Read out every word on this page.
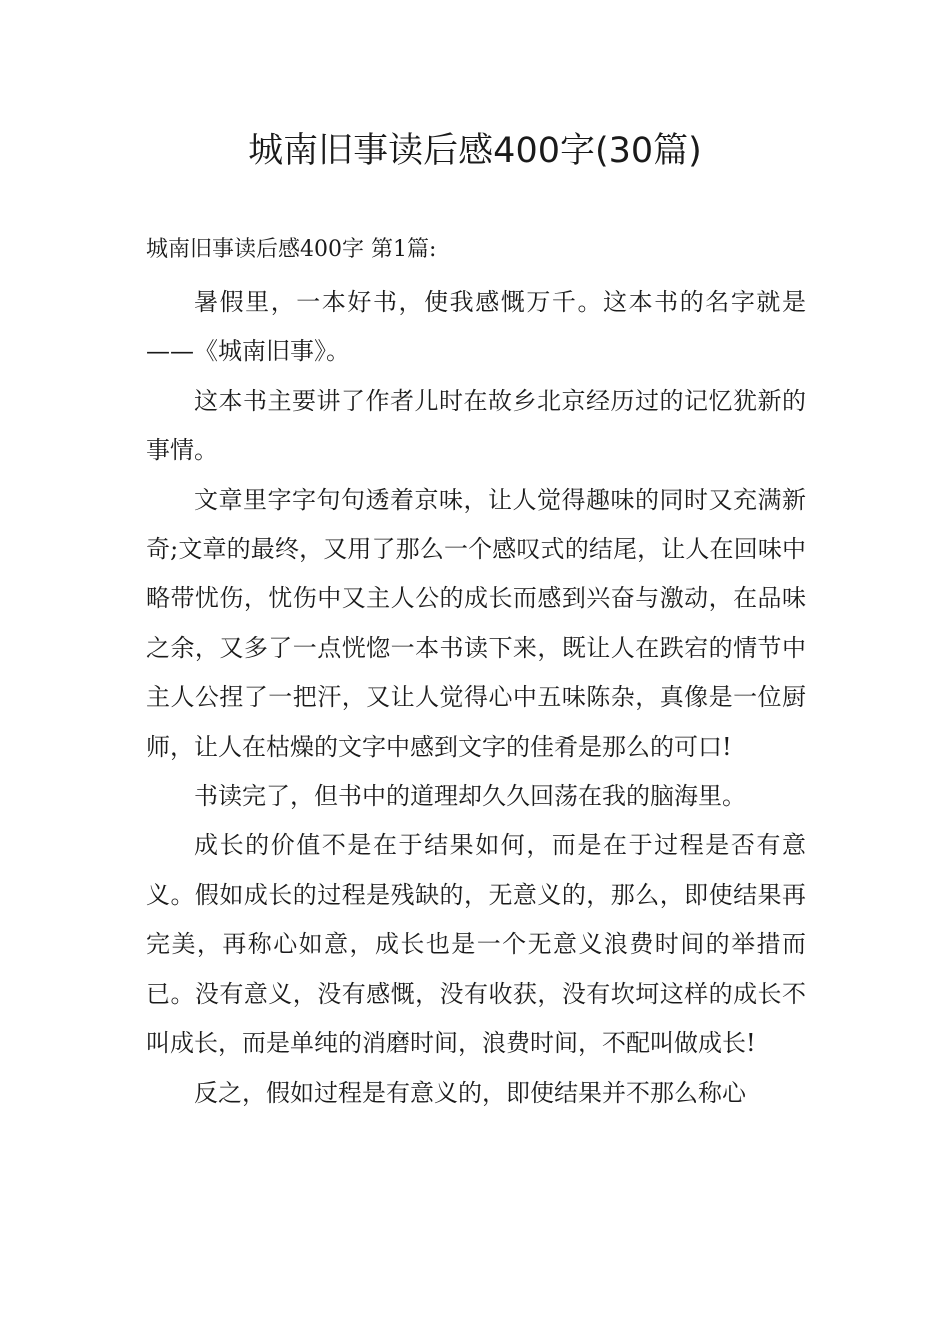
城南旧事读后感400字(30篇)

城南旧事读后感400字 第1篇:

暑假里，一本好书，使我感慨万千。这本书的名字就是——《城南旧事》。

这本书主要讲了作者儿时在故乡北京经历过的记忆犹新的事情。

文章里字字句句透着京味，让人觉得趣味的同时又充满新奇;文章的最终，又用了那么一个感叹式的结尾，让人在回味中略带忧伤，忧伤中又主人公的成长而感到兴奋与激动，在品味之余，又多了一点恍惚一本书读下来，既让人在跌宕的情节中主人公捏了一把汗，又让人觉得心中五味陈杂，真像是一位厨师，让人在枯燥的文字中感到文字的佳肴是那么的可口!

书读完了，但书中的道理却久久回荡在我的脑海里。

成长的价值不是在于结果如何，而是在于过程是否有意义。假如成长的过程是残缺的，无意义的，那么，即使结果再完美，再称心如意，成长也是一个无意义浪费时间的举措而已。没有意义，没有感慨，没有收获，没有坎坷这样的成长不叫成长，而是单纯的消磨时间，浪费时间，不配叫做成长!

反之，假如过程是有意义的，即使结果并不那么称心
